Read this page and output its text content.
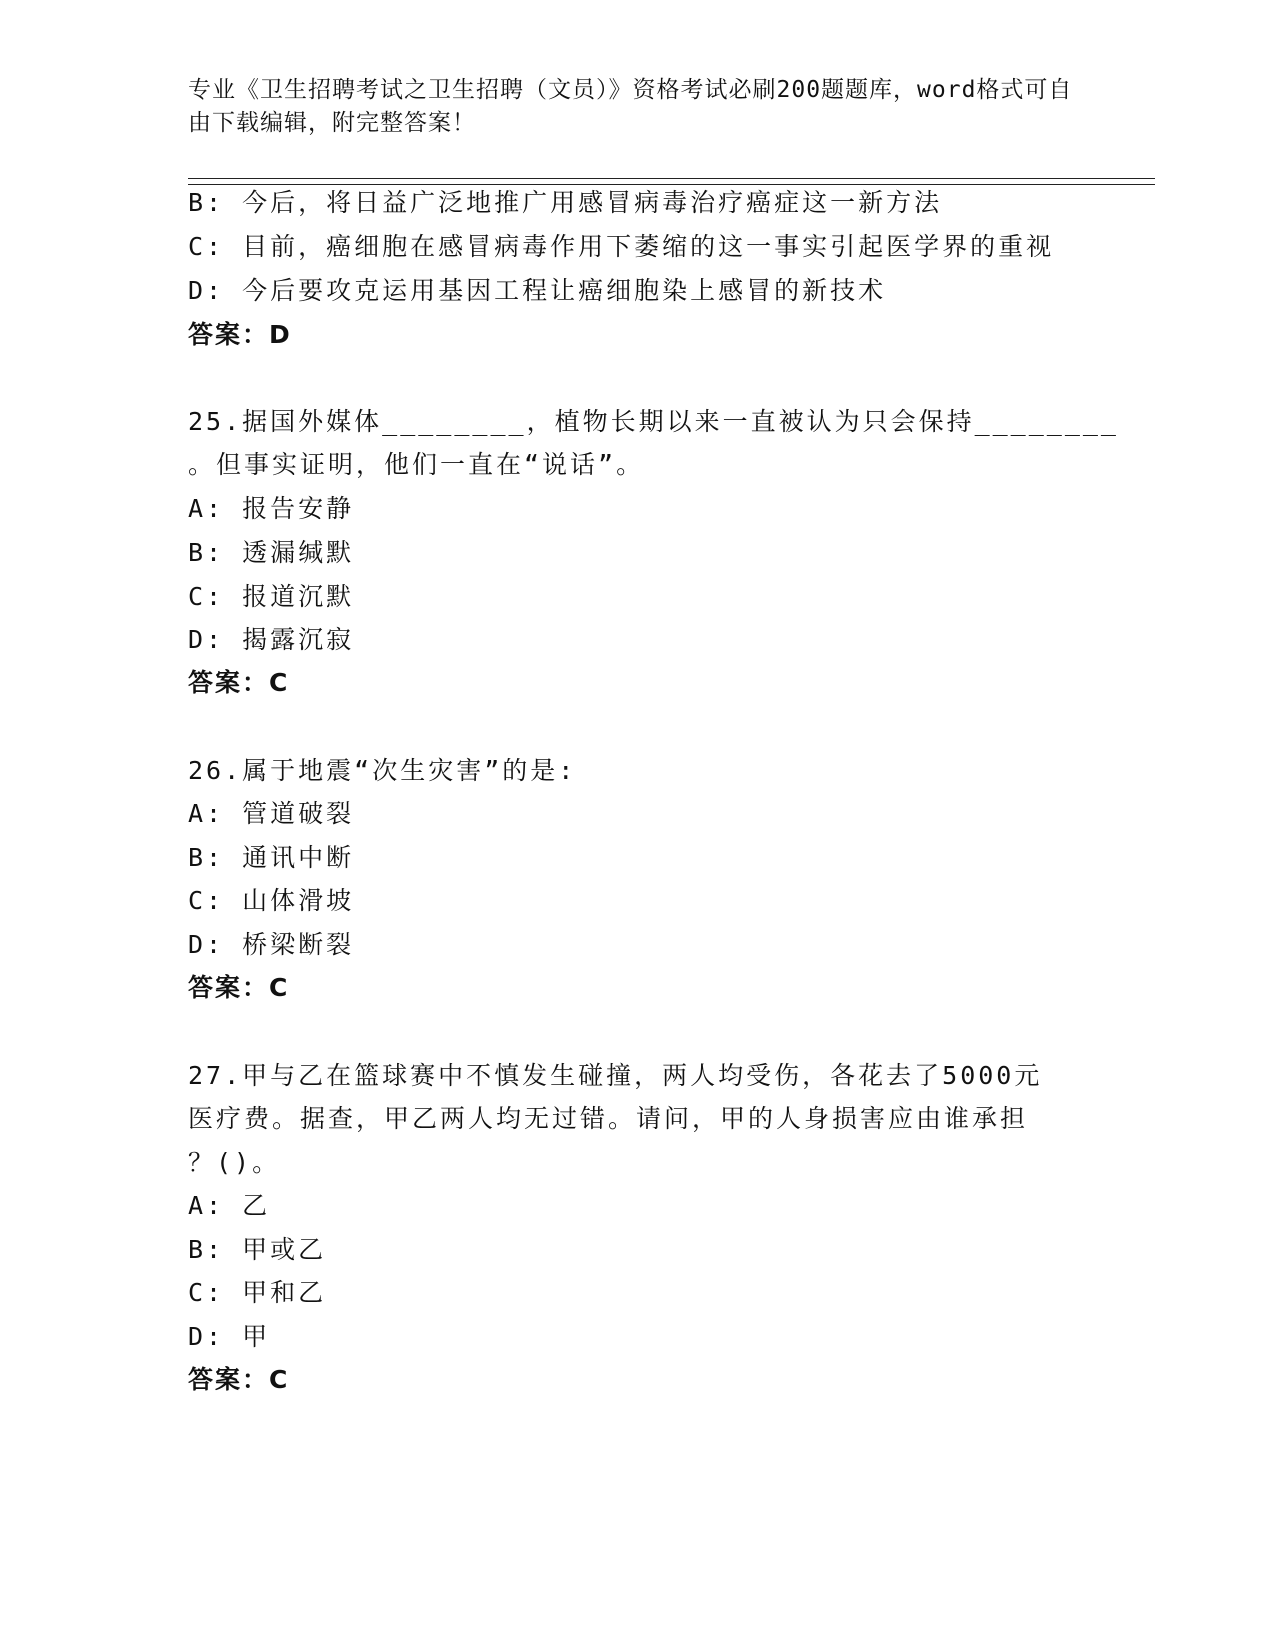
专业《卫生招聘考试之卫生招聘（文员）》资格考试必刷200题题库，word格式可自由下载编辑，附完整答案！
B: 今后，将日益广泛地推广用感冒病毒治疗癌症这一新方法
C: 目前，癌细胞在感冒病毒作用下萎缩的这一事实引起医学界的重视
D: 今后要攻克运用基因工程让癌细胞染上感冒的新技术
答案：D
25.据国外媒体________，植物长期以来一直被认为只会保持________
。但事实证明，他们一直在“说话”。
A: 报告安静
B: 透漏缄默
C: 报道沉默
D: 揭露沉寂
答案：C
26.属于地震“次生灾害”的是:
A: 管道破裂
B: 通讯中断
C: 山体滑坡
D: 桥梁断裂
答案：C
27.甲与乙在篮球赛中不慎发生碰撞，两人均受伤，各花去了5000元
医疗费。据查，甲乙两人均无过错。请问，甲的人身损害应由谁承担
？()。
A: 乙
B: 甲或乙
C: 甲和乙
D: 甲
答案：C
